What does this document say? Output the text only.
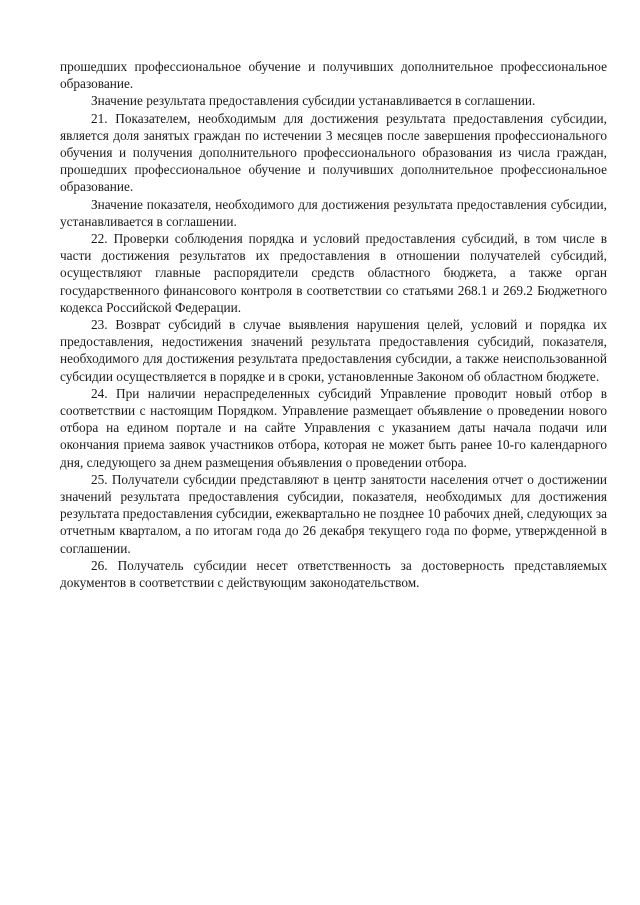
прошедших профессиональное обучение и получивших дополнительное профессиональное образование.

Значение результата предоставления субсидии устанавливается в соглашении.

21. Показателем, необходимым для достижения результата предоставления субсидии, является доля занятых граждан по истечении 3 месяцев после завершения профессионального обучения и получения дополнительного профессионального образования из числа граждан, прошедших профессиональное обучение и получивших дополнительное профессиональное образование.

Значение показателя, необходимого для достижения результата предоставления субсидии, устанавливается в соглашении.

22. Проверки соблюдения порядка и условий предоставления субсидий, в том числе в части достижения результатов их предоставления в отношении получателей субсидий, осуществляют главные распорядители средств областного бюджета, а также орган государственного финансового контроля в соответствии со статьями 268.1 и 269.2 Бюджетного кодекса Российской Федерации.

23. Возврат субсидий в случае выявления нарушения целей, условий и порядка их предоставления, недостижения значений результата предоставления субсидий, показателя, необходимого для достижения результата предоставления субсидии, а также неиспользованной субсидии осуществляется в порядке и в сроки, установленные Законом об областном бюджете.

24. При наличии нераспределенных субсидий Управление проводит новый отбор в соответствии с настоящим Порядком. Управление размещает объявление о проведении нового отбора на едином портале и на сайте Управления с указанием даты начала подачи или окончания приема заявок участников отбора, которая не может быть ранее 10-го календарного дня, следующего за днем размещения объявления о проведении отбора.

25. Получатели субсидии представляют в центр занятости населения отчет о достижении значений результата предоставления субсидии, показателя, необходимых для достижения результата предоставления субсидии, ежеквартально не позднее 10 рабочих дней, следующих за отчетным кварталом, а по итогам года до 26 декабря текущего года по форме, утвержденной в соглашении.

26. Получатель субсидии несет ответственность за достоверность представляемых документов в соответствии с действующим законодательством.
